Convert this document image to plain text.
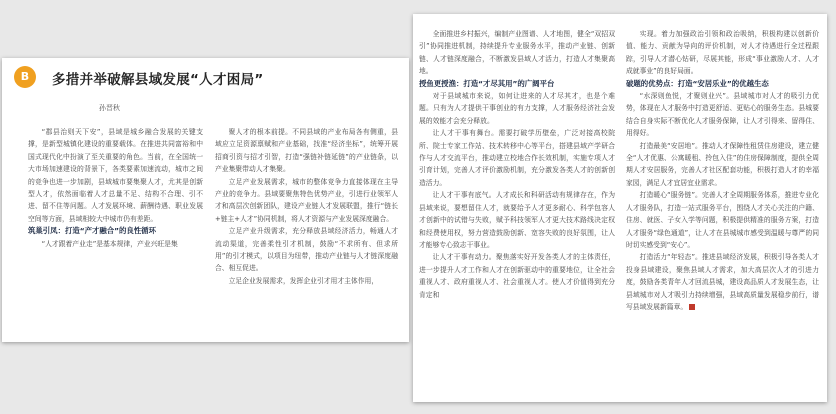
B	多措并举破解县域发展“人才困局”
孙晋秋

“郡县治则天下安”，县域是城乡融合发展的关键支撑，是新型城镇化建设的重要载体。在推进共同富裕和中国式现代化中扮演了至关重要的角色。当前，在全国统一大市场加速建设的背景下，各类要素加速流动，城市之间的竞争也进一步加剧，县域城市要集聚人才，尤其是创新型人才，依然面临着人才总量不足、结构不合理、引不进、留不住等问题。人才发展环境、薪酬待遇、职业发展空间等方面，县域相较大中城市仍有差距。

筑巢引凤：打造“产才融合”的良性循环

“人才跟着产业走”是基本规律，产业兴旺是集

聚人才的根本前提。不同县域的产业布局各有侧重，县域应立足资源禀赋和产业基础，找准“经济坐标”，统筹开展招商引资与招才引智，打造“强链补链延链”的产业链条，以产业集聚带动人才集聚。

立足产业发展需求，城市的整体竞争力直接体现在主导产业的竞争力。县域要聚焦特色优势产业，引进行业领军人才和高层次创新团队，建设产业链人才发展联盟，推行“链长+链主+人才”协同机制，将人才资源与产业发展深度融合。

立足产业升级需求，充分释放县域经济活力，畅通人才流动渠道，完善柔性引才机制，鼓励“不求所有、但求所用”的引才模式，以项目为纽带，推动产业链与人才链深度融合、相互促进。

立足企业发展需求，发挥企业引才用才主体作用，

全面推进乡村振兴，编制产业图谱、人才地图，健全“双招双引”协同推进机制，持续提升专业服务水平，推动产业链、创新链、人才链深度融合，不断激发县域人才活力，打造人才集聚高地。

授鱼更授渔：打造“才尽其用”的广阔平台

对于县域城市来说，如何让进来的人才尽其才，也是个难题。只有为人才提供干事创业的有力支撑，人才服务经济社会发展的效能才会充分释放。

让人才干事有舞台。需要打破学历壁垒，广泛对接高校院所、院士专家工作站、技术转移中心等平台，搭建县域产学研合作与人才交流平台，推动建立校地合作长效机制，实施专项人才引育计划，完善人才评价激励机制，充分激发各类人才的创新创造活力。

让人才干事有底气。人才成长和科研活动有规律存在，作为县域来说，要想留住人才，就要给予人才更多耐心、科学包容人才创新中的试错与失败，赋予科技领军人才更大技术路线决定权和经费使用权，努力营造鼓励创新、宽容失败的良好氛围，让人才能够专心致志干事业。

让人才干事有动力。聚焦落实好开发各类人才的主体责任，进一步提升人才工作和人才在创新驱动中的重要地位，让全社会重视人才、政府重视人才、社会重视人才。使人才价值得到充分肯定和

实现。着力加强政治引领和政治吸纳，积极构建以创新价值、能力、贡献为导向的评价机制，对人才待遇进行全过程跟踪，引导人才潜心钻研，尽展其能，形成“事业激励人才、人才成就事业”的良好局面。

破题的优势点：打造“安居乐业”的优越生态

“水深则鱼悦，才聚则业兴”。县域城市对人才的吸引力优势，体现在人才服务中打造更舒适、更贴心的服务生态。县城要结合自身实际不断优化人才服务保障，让人才引得来、留得住、用得好。

打造最美“安居地”。推动人才保障性租赁住房建设，建立健全“人才优惠、公寓暖租、拎包入住”的住房保障制度，提供全周期人才安居服务，完善人才社区配套功能，积极打造人才的幸福家园，满足人才宜居宜业需求。

打造暖心“服务链”。完善人才全周期服务体系，推进专业化人才服务队，打造一站式服务平台，围绕人才关心关注的户籍、住房、就医、子女入学等问题，积极提供精准的服务方案，打造人才服务“绿色通道”，让人才在县城城市感受到温暖与尊严的同时切实感受到“安心”。

打造活力“年轻态”。推进县域经济发展，积极引导各类人才投身县域建设，聚焦县域人才需求，加大高层次人才的引进力度，鼓励各类青年人才回流县城，建设高品质人才发展生态，让县域城市对人才吸引力持续增强，县域高质量发展稳步前行，谱写县域发展新篇章。
